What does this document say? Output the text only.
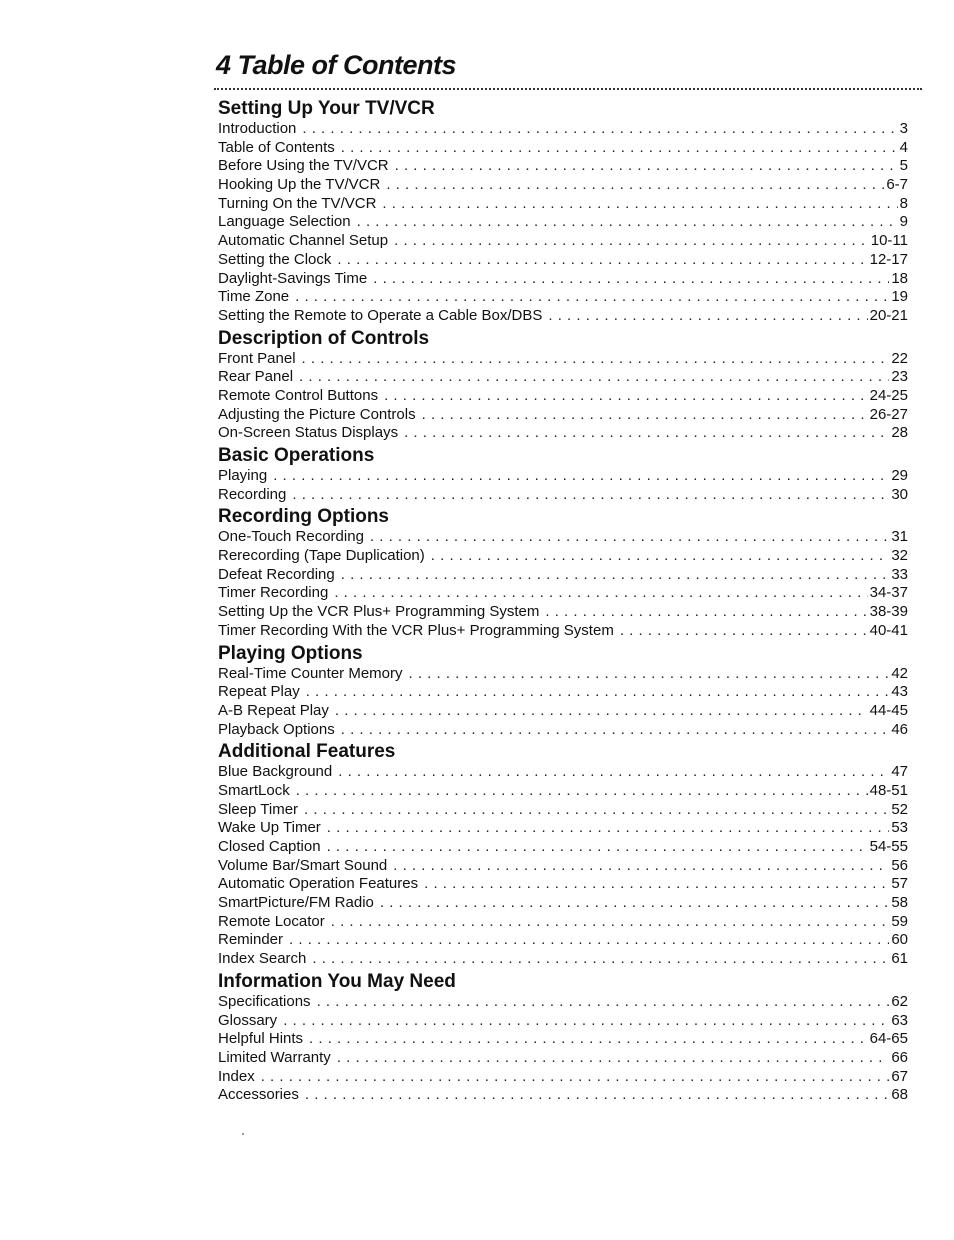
4 Table of Contents
Setting Up Your TV/VCR
Introduction . . .	3
Table of Contents . . .	4
Before Using the TV/VCR . . .	5
Hooking Up the TV/VCR . . .	6-7
Turning On the TV/VCR . . .	8
Language Selection . . .	9
Automatic Channel Setup . . .	10-11
Setting the Clock . . .	12-17
Daylight-Savings Time . . .	18
Time Zone . . .	19
Setting the Remote to Operate a Cable Box/DBS . . .	20-21
Description of Controls
Front Panel . . .	22
Rear Panel . . .	23
Remote Control Buttons . . .	24-25
Adjusting the Picture Controls . . .	26-27
On-Screen Status Displays . . .	28
Basic Operations
Playing . . .	29
Recording . . .	30
Recording Options
One-Touch Recording . . .	31
Rerecording (Tape Duplication) . . .	32
Defeat Recording . . .	33
Timer Recording . . .	34-37
Setting Up the VCR Plus+ Programming System . . .	38-39
Timer Recording With the VCR Plus+ Programming System . . .	40-41
Playing Options
Real-Time Counter Memory . . .	42
Repeat Play . . .	43
A-B Repeat Play . . .	44-45
Playback Options . . .	46
Additional Features
Blue Background . . .	47
SmartLock . . .	48-51
Sleep Timer . . .	52
Wake Up Timer . . .	53
Closed Caption . . .	54-55
Volume Bar/Smart Sound . . .	56
Automatic Operation Features . . .	57
SmartPicture/FM Radio . . .	58
Remote Locator . . .	59
Reminder . . .	60
Index Search . . .	61
Information You May Need
Specifications . . .	62
Glossary . . .	63
Helpful Hints . . .	64-65
Limited Warranty . . .	66
Index . . .	67
Accessories . . .	68
